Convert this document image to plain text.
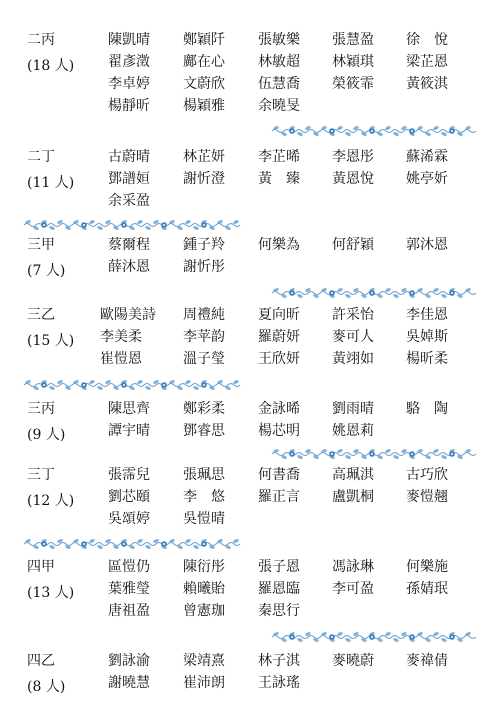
二丙
(18 人)
陳凱晴 鄭穎阡 張敏樂 張慧盈 徐　悅
翟彥澂 鄺在心 林敏超 林穎琪 梁芷恩
李卓婷 文蔚欣 伍慧喬 榮筱霏 黃筱淇
楊靜昕 楊穎雅 余曉旻
二丁
(11 人)
古蔚晴 林芷妍 李芷晞 李恩彤 蘇浠霖
鄧譜姮 謝忻澄 黃　臻 黃恩悅 姚亭妡
余采盈
三甲
(7 人)
蔡爾程 鍾子羚 何樂為 何舒穎 郭沐恩
薛沐恩 謝忻彤
三乙
(15 人)
歐陽美詩 周禮純 夏向昕 許采怡 李佳恩
李美柔	李苹韵 羅蔚妍 麥可人 吳婥斯
崔愷恩	溫子瑩 王欣妍 黃翊如 楊昕柔
三丙
(9 人)
陳思齊 鄭彩柔 金詠晞 劉雨晴 駱　陶
譚宇晴 鄧睿思 楊芯明 姚恩莉
三丁
(12 人)
張霈兒 張珮思 何書喬 高珮淇 古巧欣
劉芯頤 李　悠 羅正言 盧凱桐 麥愷翹
吳頌婷 吳愷晴
四甲
(13 人)
區愷仍 陳衍彤 張子恩 馮詠琳 何樂施
葉雅瑩 賴曦貽 羅恩臨 李可盈 孫婧珉
唐祖盈 曾憲珈 秦思行
四乙
(8 人)
劉詠渝 梁靖熹 林子淇 麥曉蔚 麥禕倩
謝曉慧 崔沛朗 王詠瑤
